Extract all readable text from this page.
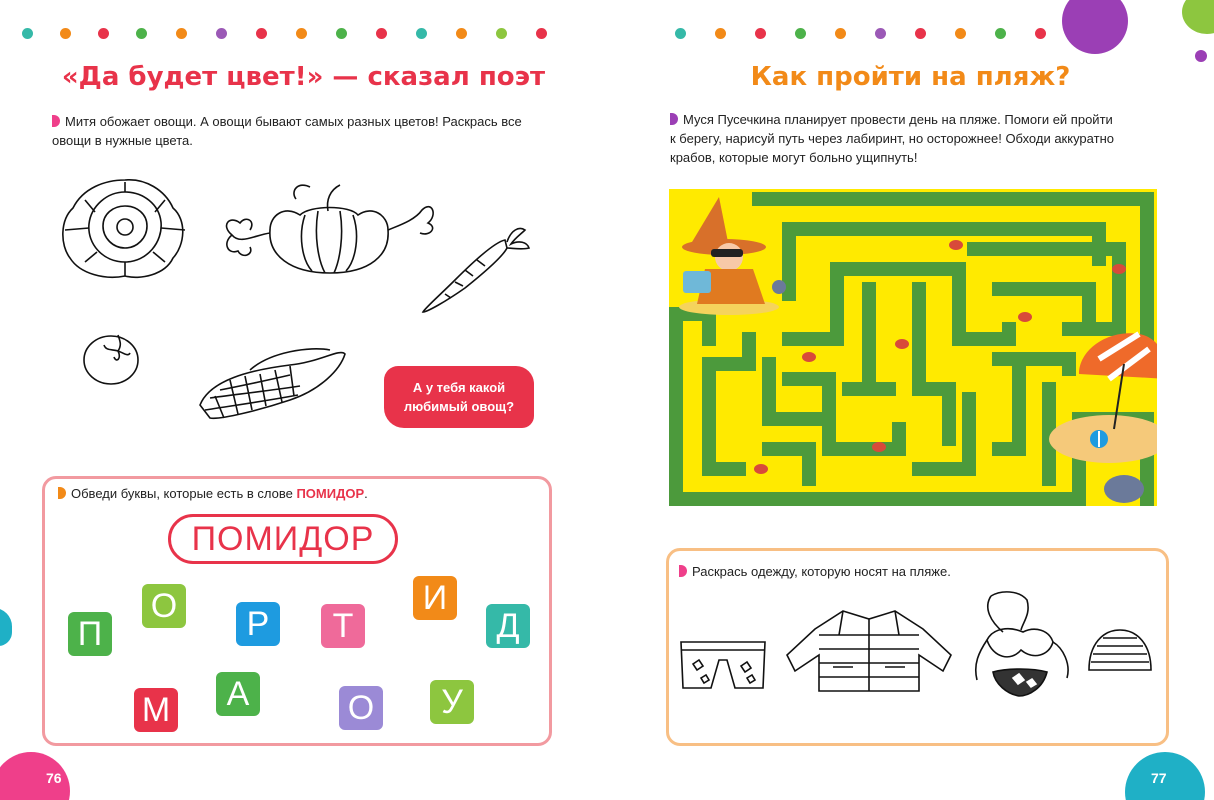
«Да будет цвет!» — сказал поэт
Митя обожает овощи. А овощи бывают самых разных цветов! Раскрась все
овощи в нужные цвета.
А у тебя какой
любимый овощ?
Обведи буквы, которые есть в слове ПОМИДОР.
ПОМИДОР
П
О	Р	Т
И
Д
М	А	О	У
76
Как пройти на пляж?
Муся Пусечкина планирует провести день на пляже. Помоги ей пройти
к берегу, нарисуй путь через лабиринт, но осторожнее! Обходи аккуратно
крабов, которые могут больно ущипнуть!
Раскрась одежду, которую носят на пляже.
77
